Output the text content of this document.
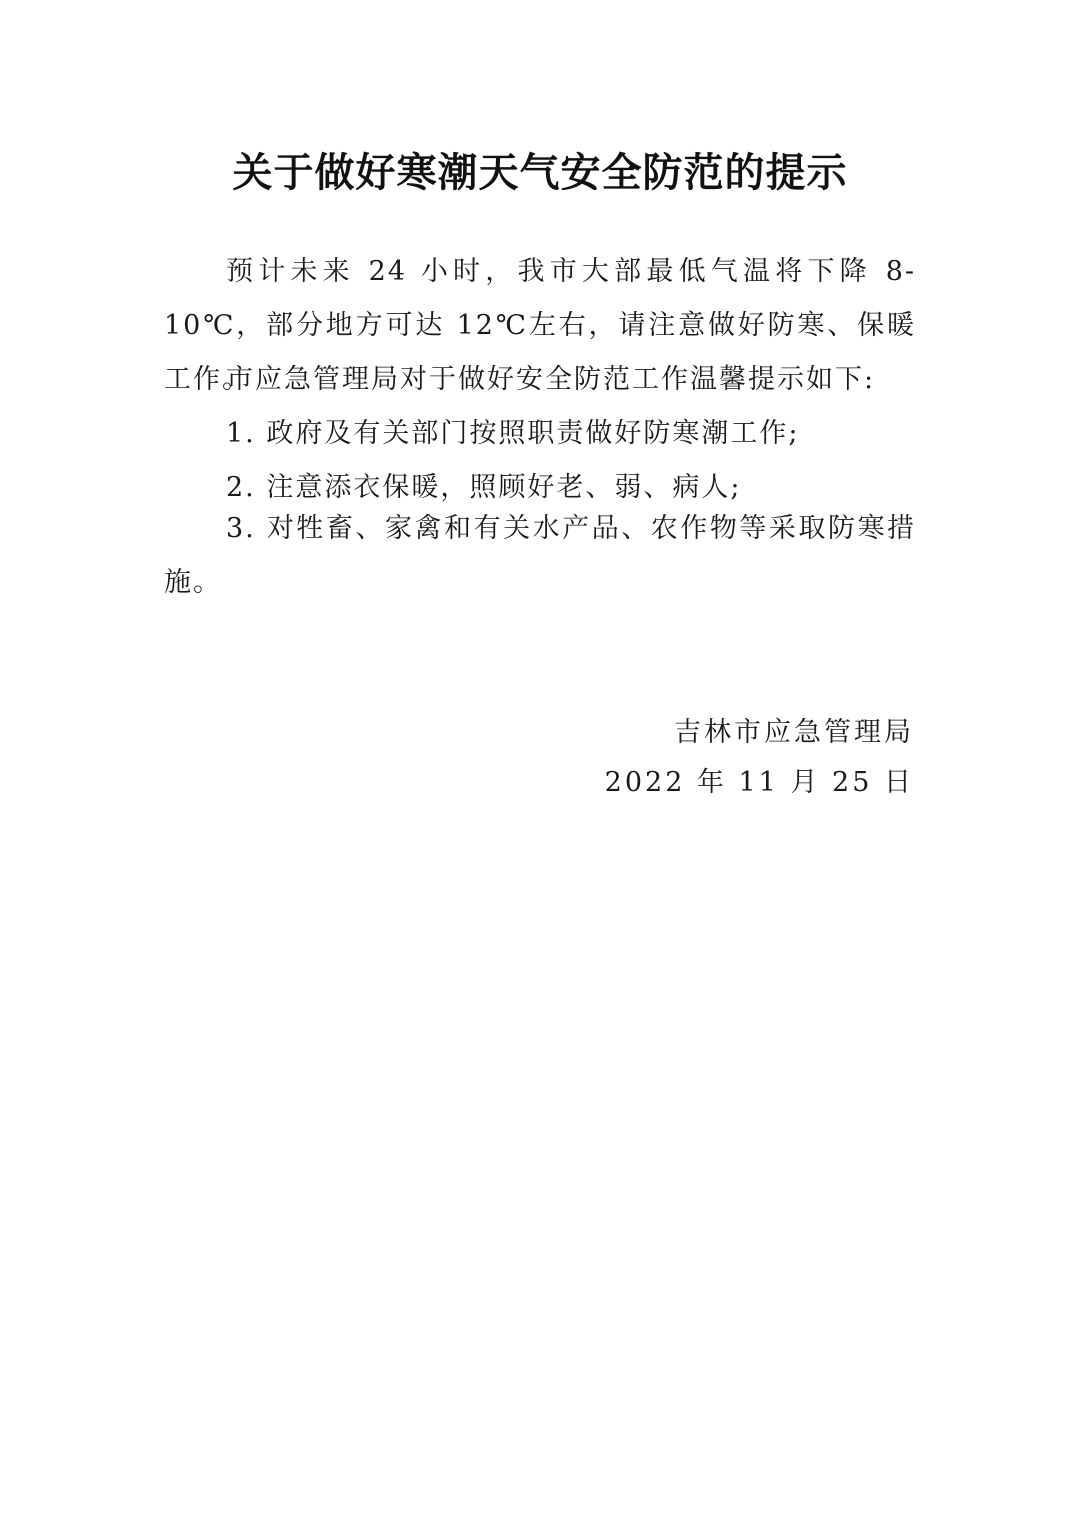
关于做好寒潮天气安全防范的提示

预计未来 24 小时，我市大部最低气温将下降 8-10℃，部分地方可达 12℃左右，请注意做好防寒、保暖工作。

市应急管理局对于做好安全防范工作温馨提示如下:

1. 政府及有关部门按照职责做好防寒潮工作;

2. 注意添衣保暖，照顾好老、弱、病人;

3. 对牲畜、家禽和有关水产品、农作物等采取防寒措施。

吉林市应急管理局
2022 年 11 月 25 日
